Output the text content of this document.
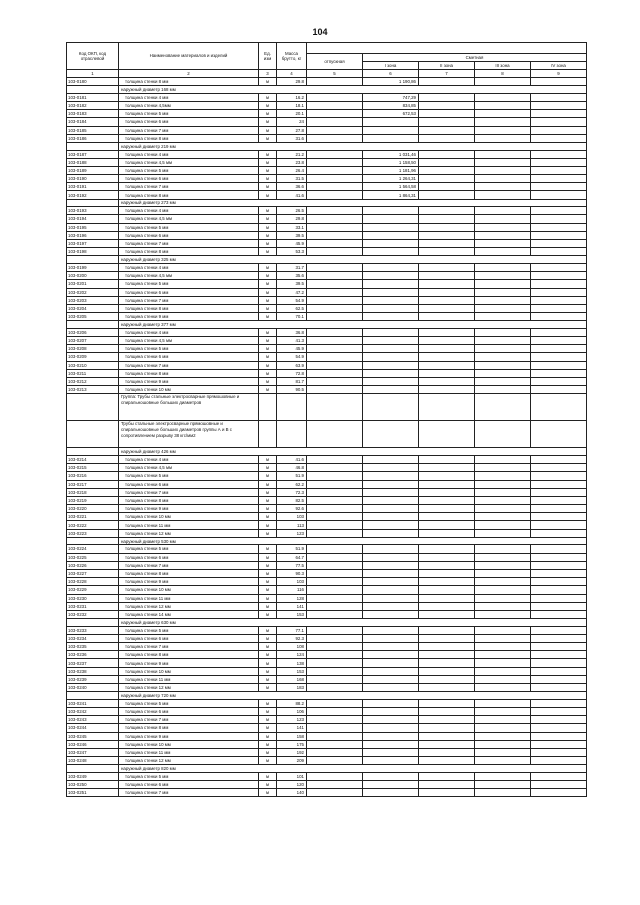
104
Код ОКП, код отраслевой	Наименование материалов и изделий	Ед. изм	Масса брутто, кг					
				отпускная	Сметная			
					I зона	II зона	III зона	IV зона
1	2	3	4	5	6	7	8	9
103-0180	толщина стенки 8 мм	м	29.8		1 190,86			
	наружный диаметр 168 мм							
103-0181	толщина стенки 4 мм	м	16.2		747,29			
103-0182	толщина стенки 4,5мм	м	18.1		834,85			
103-0183	толщина стенки 5 мм	м	20.1		672,53			
103-0184	толщина стенки 6 мм	м	24					
103-0185	толщина стенки 7 мм	м	27.8					
103-0186	толщина стенки 8 мм	м	31.6					
	наружный диаметр 219 мм							
103-0187	толщина стенки 4 мм	м	21.2		1 031,46			
103-0188	толщина стенки 4,5 мм	м	23.8		1 158,50			
103-0189	толщина стенки 5 мм	м	26.4		1 181,96			
103-0190	толщина стенки 6 мм	м	31.5		1 264,31			
103-0191	толщина стенки 7 мм	м	36.6		1 564,58			
103-0192	толщина стенки 8 мм	м	41.6		1 864,31			
	наружный диаметр 273 мм							
103-0193	толщина стенки 4 мм	м	26.5					
103-0194	толщина стенки 4,5 мм	м	29.8					
103-0195	толщина стенки 5 мм	м	33.1					
103-0196	толщина стенки 6 мм	м	39.5					
103-0197	толщина стенки 7 мм	м	45.9					
103-0198	толщина стенки 8 мм	м	53.3					
	наружный диаметр 325 мм							
103-0199	толщина стенки 4 мм	м	31.7					
103-0200	толщина стенки 4,5 мм	м	35.6					
103-0201	толщина стенки 5 мм	м	39.5					
103-0202	толщина стенки 6 мм	м	47.2					
103-0203	толщина стенки 7 мм	м	54.9					
103-0204	толщина стенки 8 мм	м	62.5					
103-0205	толщина стенки 9 мм	м	70.1					
	наружный диаметр 377 мм							
103-0206	толщина стенки 4 мм	м	36.8					
103-0207	толщина стенки 4,5 мм	м	41.3					
103-0208	толщина стенки 5 мм	м	45.9					
103-0209	толщина стенки 6 мм	м	54.9					
103-0210	толщина стенки 7 мм	м	63.9					
103-0211	толщина стенки 8 мм	м	72.8					
103-0212	толщина стенки 9 мм	м	81.7					
103-0213	толщина стенки 10 мм	м	90.5					
	Группа: Трубы стальные электросварные прямошовные и спиральношовные больших диаметров							
	Трубы стальные электросварные прямошовные и спиральношовные больших диаметров группы А и В с сопротивлением разрыву 38 кгс/мм2							
	наружный диаметр 426 мм							
103-0214	толщина стенки 4 мм	м	41.6					
103-0215	толщина стенки 4,5 мм	м	46.8					
103-0216	толщина стенки 5 мм	м	51.9					
103-0217	толщина стенки 6 мм	м	62.2					
103-0218	толщина стенки 7 мм	м	72.3					
103-0219	толщина стенки 8 мм	м	82.5					
103-0220	толщина стенки 9 мм	м	92.6					
103-0221	толщина стенки 10 мм	м	103					
103-0222	толщина стенки 11 мм	м	113					
103-0223	толщина стенки 12 мм	м	123					
	наружный диаметр 530 мм							
103-0224	толщина стенки 5 мм	м	51.9					
103-0225	толщина стенки 6 мм	м	64.7					
103-0226	толщина стенки 7 мм	м	77.5					
103-0227	толщина стенки 8 мм	м	90.3					
103-0228	толщина стенки 9 мм	м	103					
103-0229	толщина стенки 10 мм	м	116					
103-0230	толщина стенки 11 мм	м	128					
103-0231	толщина стенки 12 мм	м	141					
103-0232	толщина стенки 14 мм	м	153					
	наружный диаметр 630 мм							
103-0233	толщина стенки 5 мм	м	77.1					
103-0234	толщина стенки 6 мм	м	92.3					
103-0235	толщина стенки 7 мм	м	108					
103-0236	толщина стенки 8 мм	м	124					
103-0237	толщина стенки 9 мм	м	138					
103-0238	толщина стенки 10 мм	м	153					
103-0239	толщина стенки 11 мм	м	168					
103-0240	толщина стенки 12 мм	м	183					
	наружный диаметр 720 мм							
103-0241	толщина стенки 5 мм	м	88.2					
103-0242	толщина стенки 6 мм	м	106					
103-0243	толщина стенки 7 мм	м	123					
103-0244	толщина стенки 8 мм	м	141					
103-0245	толщина стенки 9 мм	м	158					
103-0246	толщина стенки 10 мм	м	175					
103-0247	толщина стенки 11 мм	м	192					
103-0248	толщина стенки 12 мм	м	209					
	наружный диаметр 820 мм							
103-0249	толщина стенки 5 мм	м	101					
103-0250	толщина стенки 6 мм	м	120					
103-0251	толщина стенки 7 мм	м	140					
